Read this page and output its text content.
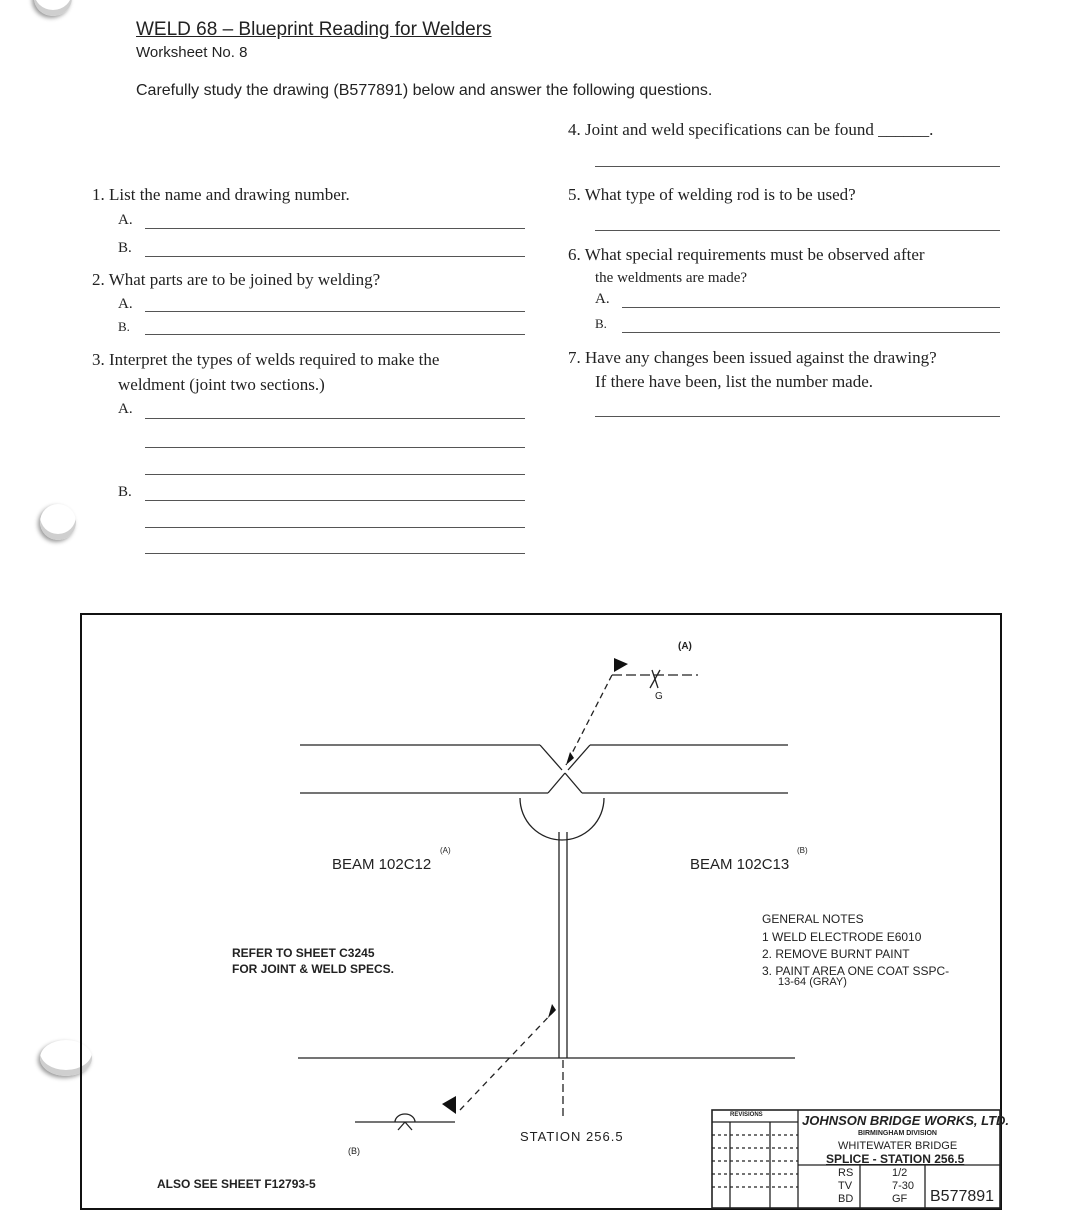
WELD 68 – Blueprint Reading for Welders
Worksheet No. 8
Carefully study the drawing (B577891) below and answer the following questions.
1. List the name and drawing number.
A.
B.
2. What parts are to be joined by welding?
A.
B.
3. Interpret the types of welds required to make the
weldment (joint two sections.)
A.
B.
4. Joint and weld specifications can be found ______.
5. What type of welding rod is to be used?
6. What special requirements must be observed after
the weldments are made?
A.
B.
7. Have any changes been issued against the drawing?
If there have been, list the number made.
(A)
G
BEAM 102C12
(A)
BEAM 102C13
(B)
REFER TO SHEET C3245
FOR JOINT & WELD SPECS.
GENERAL NOTES
1 WELD ELECTRODE E6010
2. REMOVE BURNT PAINT
3. PAINT AREA ONE COAT SSPC-
13-64 (GRAY)
STATION 256.5
(B)
ALSO SEE SHEET F12793-5
REVISIONS	JOHNSON BRIDGE WORKS, LTD.
BIRMINGHAM DIVISION
WHITEWATER BRIDGE
SPLICE - STATION 256.5
RS	1/2
TV	7-30
BD	GF B577891
